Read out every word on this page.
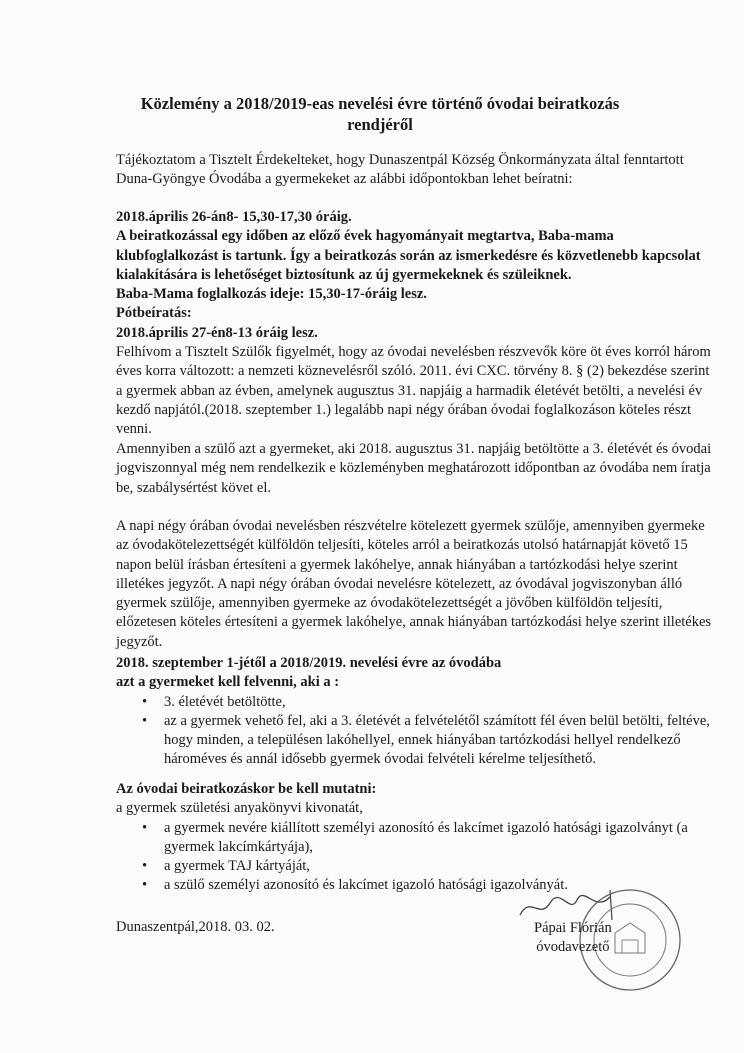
Közlemény a 2018/2019-eas nevelési évre történő óvodai beiratkozás
rendjéről

Tájékoztatom a Tisztelt Érdekelteket, hogy Dunaszentpál Község Önkormányzata által fenntartott Duna-Gyöngye Óvodába a gyermekeket az alábbi időpontokban lehet beíratni:

2018.április 26-án8- 15,30-17,30 óráig.

A beiratkozással egy időben az előző évek hagyományait megtartva, Baba-mama klubfoglalkozást is tartunk. Így a beiratkozás során az ismerkedésre és közvetlenebb kapcsolat kialakítására is lehetőséget biztosítunk az új gyermekeknek és szüleiknek.

Baba-Mama foglalkozás ideje: 15,30-17-óráig lesz.

Pótbeíratás:

2018.április 27-én8-13 óráig lesz.

Felhívom a Tisztelt Szülők figyelmét, hogy az óvodai nevelésben részvevők köre öt éves korról három éves korra változott: a nemzeti köznevelésről szóló. 2011. évi CXC. törvény 8. § (2) bekezdése szerint a gyermek abban az évben, amelynek augusztus 31. napjáig a harmadik életévét betölti, a nevelési év kezdő napjától.(2018. szeptember 1.) legalább napi négy órában óvodai foglalkozáson köteles részt venni.

Amennyiben a szülő azt a gyermeket, aki 2018. augusztus 31. napjáig betöltötte a 3. életévét és óvodai jogviszonnyal még nem rendelkezik e közleményben meghatározott időpontban az óvodába nem íratja be, szabálysértést követ el.

A napi négy órában óvodai nevelésben részvételre kötelezett gyermek szülője, amennyiben gyermeke az óvodakötelezettségét külföldön teljesíti, köteles arról a beiratkozás utolsó határnapját követő 15 napon belül írásban értesíteni a gyermek lakóhelye, annak hiányában a tartózkodási helye szerint illetékes jegyzőt. A napi négy órában óvodai nevelésre kötelezett, az óvodával jogviszonyban álló gyermek szülője, amennyiben gyermeke az óvodakötelezettségét a jövőben külföldön teljesíti, előzetesen köteles értesíteni a gyermek lakóhelye, annak hiányában tartózkodási helye szerint illetékes jegyzőt.

2018. szeptember 1-jétől a 2018/2019. nevelési évre az óvodába

azt a gyermeket kell felvenni, aki a :

• 3. életévét betöltötte,
• az a gyermek vehető fel, aki a 3. életévét a felvételétől számított fél éven belül betölti, feltéve, hogy minden, a településen lakóhellyel, ennek hiányában tartózkodási hellyel rendelkező hároméves és annál idősebb gyermek óvodai felvételi kérelme teljesíthető.

Az óvodai beiratkozáskor be kell mutatni:

a gyermek születési anyakönyvi kivonatát,

• a gyermek nevére kiállított személyi azonosító és lakcímet igazoló hatósági igazolványt (a gyermek lakcímkártyája),
• a gyermek TAJ kártyáját,
• a szülő személyi azonosító és lakcímet igazoló hatósági igazolványát.
Dunaszentpál,2018. 03. 02.	Pápai Flórián
óvodavezető
